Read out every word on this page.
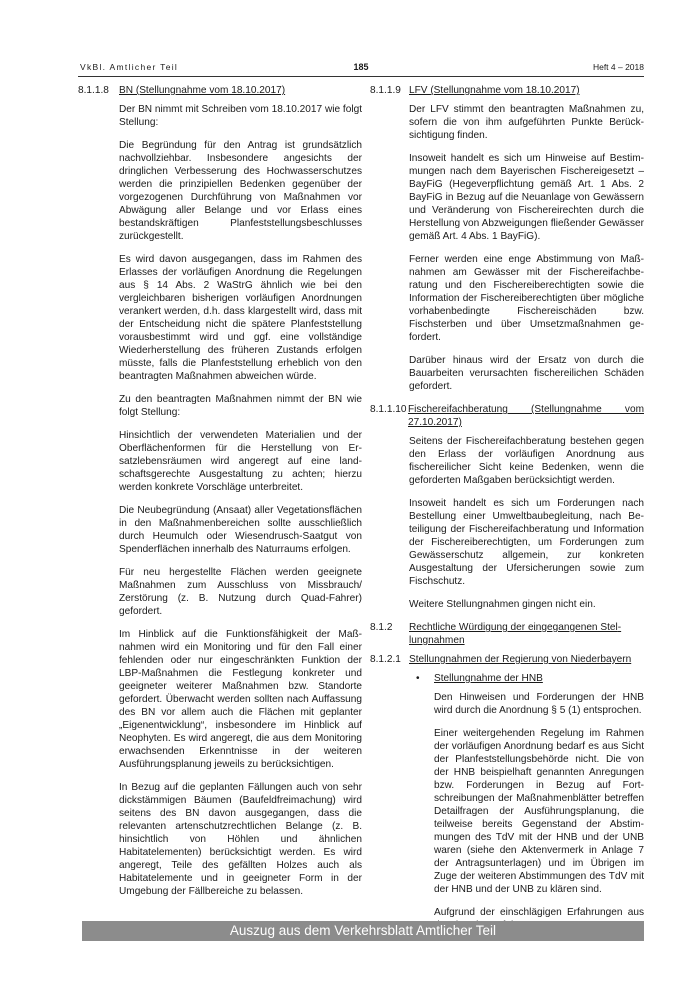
VkBl. Amtlicher Teil	185	Heft 4 – 2018
8.1.1.8	BN (Stellungnahme vom 18.10.2017)

Der BN nimmt mit Schreiben vom 18.10.2017 wie folgt Stellung:

Die Begründung für den Antrag ist grundsätzlich nachvollziehbar. Insbesondere angesichts der dringlichen Verbesserung des Hochwasserschutzes werden die prinzipiellen Bedenken gegenüber der vorgezogenen Durchführung von Maßnahmen vor Abwägung aller Belange und vor Erlass eines bestandskräftigen Planfeststellungsbeschlusses zurückgestellt.

Es wird davon ausgegangen, dass im Rahmen des Erlasses der vorläufigen Anordnung die Regelungen aus § 14 Abs. 2 WaStrG ähnlich wie bei den vergleichbaren bisherigen vorläufigen Anordnungen verankert werden, d.h. dass klargestellt wird, dass mit der Entscheidung nicht die spätere Planfeststellung vorausbestimmt wird und ggf. eine vollständige Wiederherstellung des früheren Zustands erfolgen müsste, falls die Planfeststellung erheblich von den beantragten Maßnahmen abweichen würde.

Zu den beantragten Maßnahmen nimmt der BN wie folgt Stellung:

Hinsichtlich der verwendeten Materialien und der Oberflächenformen für die Herstellung von Ersatzlebensräumen wird angeregt auf eine landschaftsgerechte Ausgestaltung zu achten; hierzu werden konkrete Vorschläge unterbreitet.

Die Neubegründung (Ansaat) aller Vegetationsflächen in den Maßnahmenbereichen sollte ausschließlich durch Heumulch oder Wiesendrusch-Saatgut von Spenderflächen innerhalb des Naturraums erfolgen.

Für neu hergestellte Flächen werden geeignete Maßnahmen zum Ausschluss von Missbrauch/ Zerstörung (z. B. Nutzung durch Quad-Fahrer) gefordert.

Im Hinblick auf die Funktionsfähigkeit der Maßnahmen wird ein Monitoring und für den Fall einer fehlenden oder nur eingeschränkten Funktion der LBP-Maßnahmen die Festlegung konkreter und geeigneter weiterer Maßnahmen bzw. Standorte gefordert. Überwacht werden sollten nach Auffassung des BN vor allem auch die Flächen mit geplanter „Eigenentwicklung“, insbesondere im Hinblick auf Neophyten. Es wird angeregt, die aus dem Monitoring erwachsenden Erkenntnisse in der weiteren Ausführungsplanung jeweils zu berücksichtigen.

In Bezug auf die geplanten Fällungen auch von sehr dickstämmigen Bäumen (Baufeldfreimachung) wird seitens des BN davon ausgegangen, dass die relevanten artenschutzrechtlichen Belange (z. B. hinsichtlich von Höhlen und ähnlichen Habitatelementen) berücksichtigt werden. Es wird angeregt, Teile des gefällten Holzes auch als Habitatelemente und in geeigneter Form in der Umgebung der Fällbereiche zu belassen.

8.1.1.9 LFV (Stellungnahme vom 18.10.2017)

Der LFV stimmt den beantragten Maßnahmen zu, sofern die von ihm aufgeführten Punkte Berücksichtigung finden.

Insoweit handelt es sich um Hinweise auf Bestimmungen nach dem Bayerischen Fischereigesetzt – BayFiG (Hegeverpflichtung gemäß Art. 1 Abs. 2 BayFiG in Bezug auf die Neuanlage von Gewässern und Veränderung von Fischereirechten durch die Herstellung von Abzweigungen fließender Gewässer gemäß Art. 4 Abs. 1 BayFiG).

Ferner werden eine enge Abstimmung von Maßnahmen am Gewässer mit der Fischereifachberatung und den Fischereiberechtigten sowie die Information der Fischereiberechtigten über mögliche vorhabenbedingte Fischereischäden bzw. Fischsterben und über Umsetzmaßnahmen gefordert.

Darüber hinaus wird der Ersatz von durch die Bauarbeiten verursachten fischereilichen Schäden gefordert.

8.1.1.10 Fischereifachberatung (Stellungnahme vom 27.10.2017)

Seitens der Fischereifachberatung bestehen gegen den Erlass der vorläufigen Anordnung aus fischereilicher Sicht keine Bedenken, wenn die geforderten Maßgaben berücksichtigt werden.

Insoweit handelt es sich um Forderungen nach Bestellung einer Umweltbaubegleitung, nach Beteiligung der Fischereifachberatung und Information der Fischereiberechtigten, um Forderungen zum Gewässerschutz allgemein, zur konkreten Ausgestaltung der Ufersicherungen sowie zum Fischschutz.

Weitere Stellungnahmen gingen nicht ein.

8.1.2	Rechtliche Würdigung der eingegangenen Stellungnahmen
8.1.2.1 Stellungnahmen der Regierung von Niederbayern
•	Stellungnahme der HNB

Den Hinweisen und Forderungen der HNB wird durch die Anordnung § 5 (1) entsprochen.

Einer weitergehenden Regelung im Rahmen der vorläufigen Anordnung bedarf es aus Sicht der Planfeststellungsbehörde nicht. Die von der HNB beispielhaft genannten Anregungen bzw. Forderungen in Bezug auf Fortschreibungen der Maßnahmenblätter betreffen Detailfragen der Ausführungsplanung, die teilweise bereits Gegenstand der Abstimmungen des TdV mit der HNB und der UNB waren (siehe den Aktenvermerk in Anlage 7 der Antragsunterlagen) und im Übrigen im Zuge der weiteren Abstimmungen des TdV mit der HNB und der UNB zu klären sind.

Aufgrund der einschlägigen Erfahrungen aus

Auszug aus dem Verkehrsblatt Amtlicher Teil
